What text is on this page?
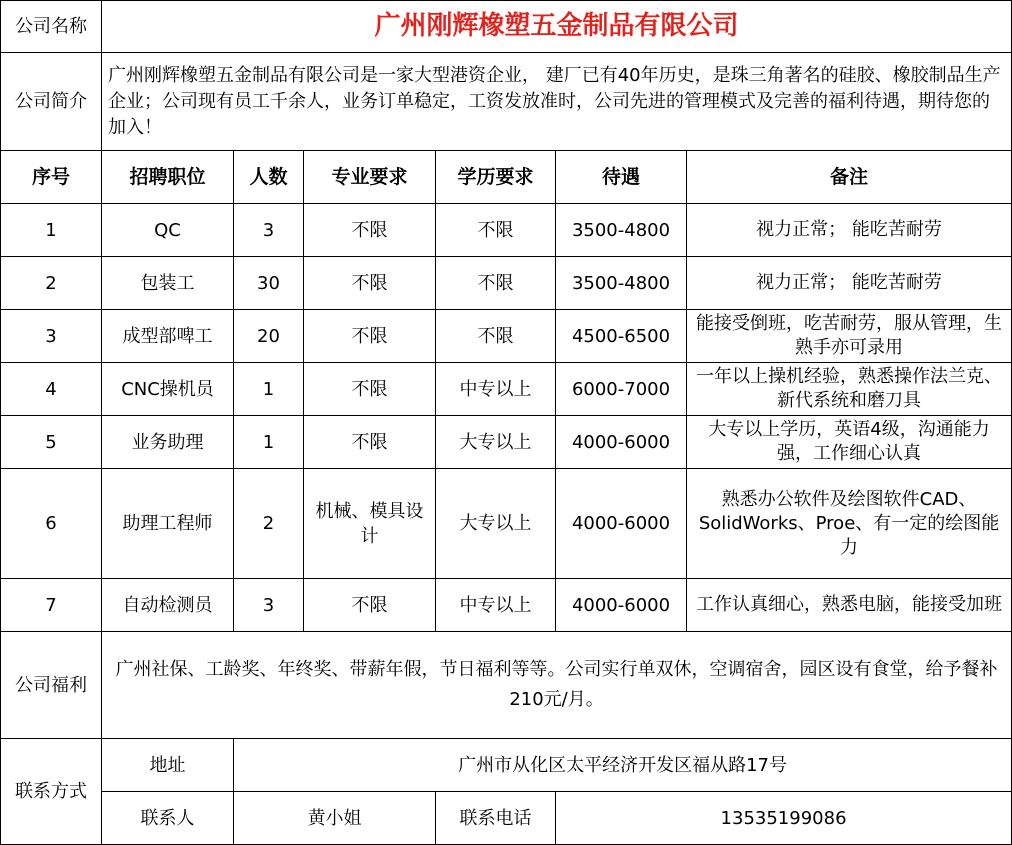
公司名称	广州刚辉橡塑五金制品有限公司					
公司简介	广州刚辉橡塑五金制品有限公司是一家大型港资企业， 建厂已有40年历史，是珠三角著名的硅胶、橡胶制品生产企业；公司现有员工千余人，业务订单稳定，工资发放准时，公司先进的管理模式及完善的福利待遇，期待您的加入！					
序号	招聘职位	人数	专业要求	学历要求	待遇	备注
1	QC	3	不限	不限	3500-4800	视力正常； 能吃苦耐劳
2	包装工	30	不限	不限	3500-4800	视力正常； 能吃苦耐劳
3	成型部啤工	20	不限	不限	4500-6500	能接受倒班，吃苦耐劳，服从管理，生熟手亦可录用
4	CNC操机员	1	不限	中专以上	6000-7000	一年以上操机经验，熟悉操作法兰克、新代系统和磨刀具
5	业务助理	1	不限	大专以上	4000-6000	大专以上学历，英语4级，沟通能力强，工作细心认真
6	助理工程师	2	机械、模具设计	大专以上	4000-6000	熟悉办公软件及绘图软件CAD、SolidWorks、Proe、有一定的绘图能力
7	自动检测员	3	不限	中专以上	4000-6000	工作认真细心，熟悉电脑，能接受加班
公司福利	广州社保、工龄奖、年终奖、带薪年假，节日福利等等。公司实行单双休，空调宿舍，园区设有食堂，给予餐补210元/月。					
联系方式	地址	广州市从化区太平经济开发区福从路17号				
	联系人	黄小姐		联系电话	13535199086	
